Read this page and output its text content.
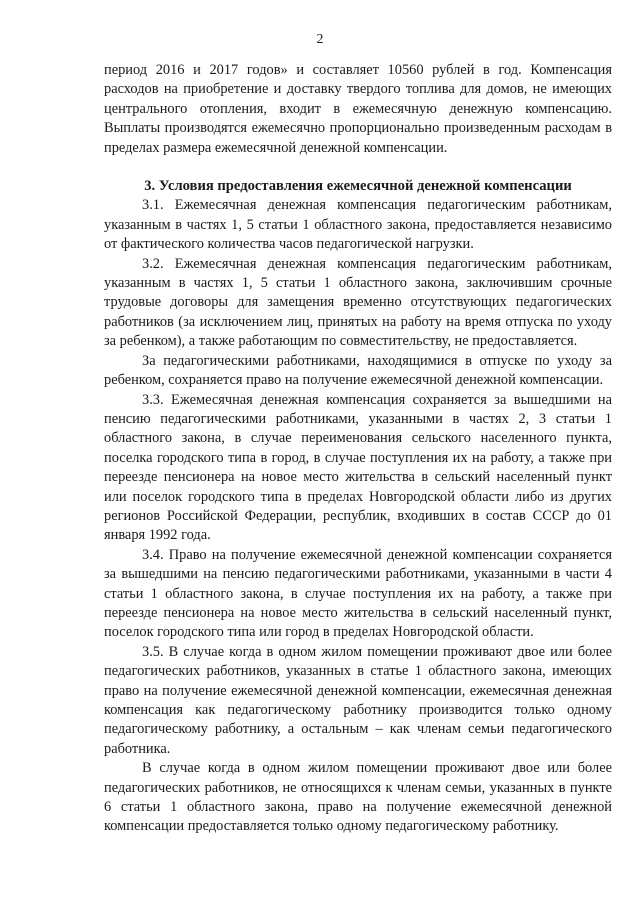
2

период 2016 и 2017 годов» и составляет 10560 рублей в год. Компенсация расходов на приобретение и доставку твердого топлива для домов, не имеющих центрального отопления, входит в ежемесячную денежную компенсацию. Выплаты производятся ежемесячно пропорционально произведенным расходам в пределах размера ежемесячной денежной компенсации.

3. Условия предоставления ежемесячной денежной компенсации

3.1. Ежемесячная денежная компенсация педагогическим работникам, указанным в частях 1, 5 статьи 1 областного закона, предоставляется независимо от фактического количества часов педагогической нагрузки.

3.2. Ежемесячная денежная компенсация педагогическим работникам, указанным в частях 1, 5 статьи 1 областного закона, заключившим срочные трудовые договоры для замещения временно отсутствующих педагогических работников (за исключением лиц, принятых на работу на время отпуска по уходу за ребенком), а также работающим по совместительству, не предоставляется.

За педагогическими работниками, находящимися в отпуске по уходу за ребенком, сохраняется право на получение ежемесячной денежной компенсации.

3.3. Ежемесячная денежная компенсация сохраняется за вышедшими на пенсию педагогическими работниками, указанными в частях 2, 3 статьи 1 областного закона, в случае переименования сельского населенного пункта, поселка городского типа в город, в случае поступления их на работу, а также при переезде пенсионера на новое место жительства в сельский населенный пункт или поселок городского типа в пределах Новгородской области либо из других регионов Российской Федерации, республик, входивших в состав СССР до 01 января 1992 года.

3.4. Право на получение ежемесячной денежной компенсации сохраняется за вышедшими на пенсию педагогическими работниками, указанными в части 4 статьи 1 областного закона, в случае поступления их на работу, а также при переезде пенсионера на новое место жительства в сельский населенный пункт, поселок городского типа или город в пределах Новгородской области.

3.5. В случае когда в одном жилом помещении проживают двое или более педагогических работников, указанных в статье 1 областного закона, имеющих право на получение ежемесячной денежной компенсации, ежемесячная денежная компенсация как педагогическому работнику производится только одному педагогическому работнику, а остальным – как членам семьи педагогического работника.

В случае когда в одном жилом помещении проживают двое или более педагогических работников, не относящихся к членам семьи, указанных в пункте 6 статьи 1 областного закона, право на получение ежемесячной денежной компенсации предоставляется только одному педагогическому работнику.
